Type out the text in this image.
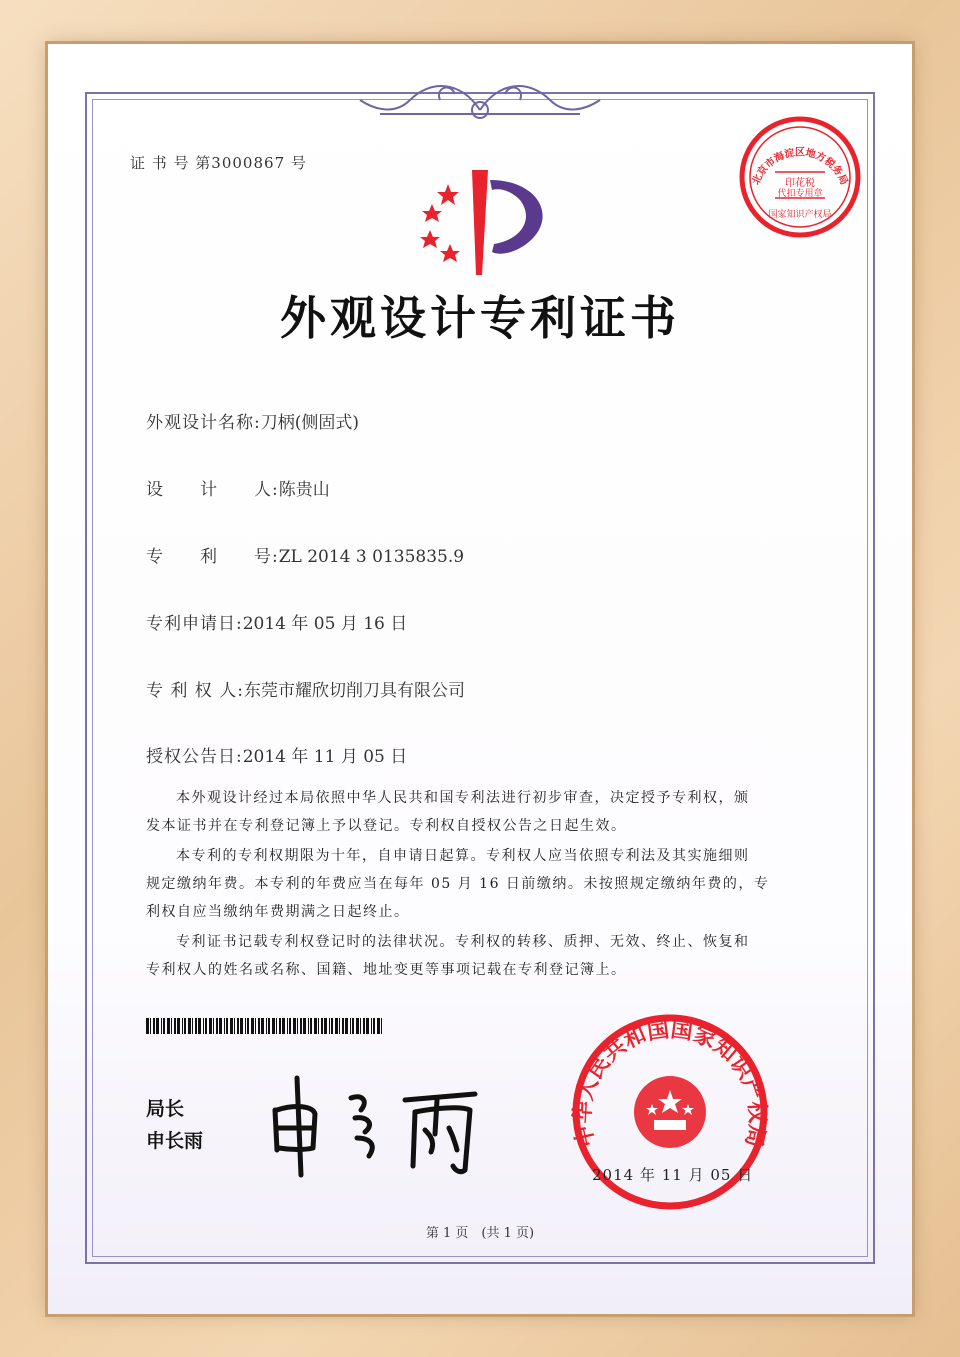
证 书 号 第3000867 号
外观设计专利证书
外观设计名称:刀柄(侧固式)
设　　计　　人:陈贵山
专　　利　　号:ZL 2014 3 0135835.9
专利申请日:2014 年 05 月 16 日
专 利 权 人:东莞市耀欣切削刀具有限公司
授权公告日:2014 年 11 月 05 日
本外观设计经过本局依照中华人民共和国专利法进行初步审查，决定授予专利权，颁
发本证书并在专利登记簿上予以登记。专利权自授权公告之日起生效。
本专利的专利权期限为十年，自申请日起算。专利权人应当依照专利法及其实施细则
规定缴纳年费。本专利的年费应当在每年 05 月 16 日前缴纳。未按照规定缴纳年费的，专
利权自应当缴纳年费期满之日起终止。
专利证书记载专利权登记时的法律状况。专利权的转移、质押、无效、终止、恢复和
专利权人的姓名或名称、国籍、地址变更等事项记载在专利登记簿上。
局长
申长雨
北京市海淀区地方税务局
印花税
代扣专用章
国家知识产权局
中华人民共和国国家知识产权局
2014 年 11 月 05 日
第 1 页　(共 1 页)
